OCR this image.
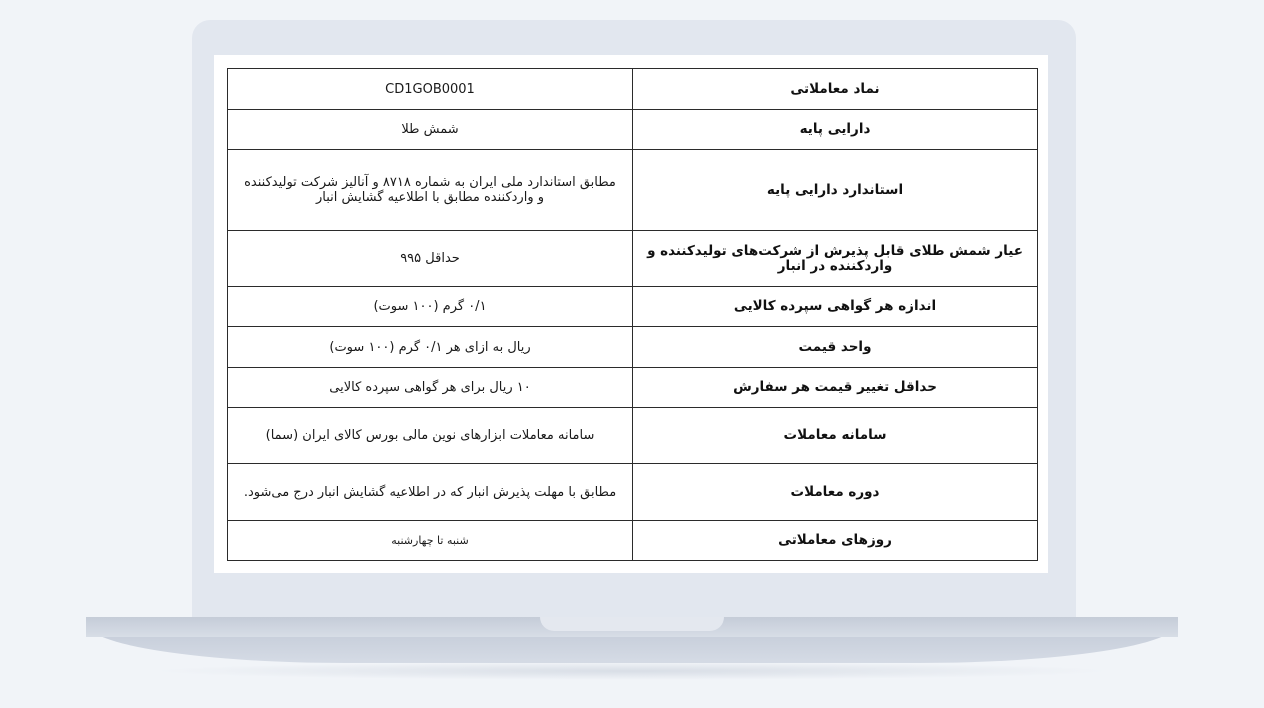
نماد معاملاتی	CD1GOB0001
دارایی پایه	شمش طلا
استاندارد دارایی پایه	مطابق استاندارد ملی ایران به شماره ۸۷۱۸ و آنالیز شرکت تولیدکننده و واردکننده مطابق با اطلاعیه گشایش انبار
عیار شمش طلای قابل پذیرش از شرکت‌های تولیدکننده و واردکننده در انبار	حداقل ۹۹۵
اندازه هر گواهی سپرده کالایی	۰/۱ گرم (۱۰۰ سوت)
واحد قیمت	ریال به ازای هر ۰/۱ گرم (۱۰۰ سوت)
حداقل تغییر قیمت هر سفارش	۱۰ ریال برای هر گواهی سپرده کالایی
سامانه معاملات	سامانه معاملات ابزارهای نوین مالی بورس کالای ایران (سما)
دوره معاملات	مطابق با مهلت پذیرش انبار که در اطلاعیه گشایش انبار درج می‌شود.
روزهای معاملاتی	شنبه تا چهارشنبه
